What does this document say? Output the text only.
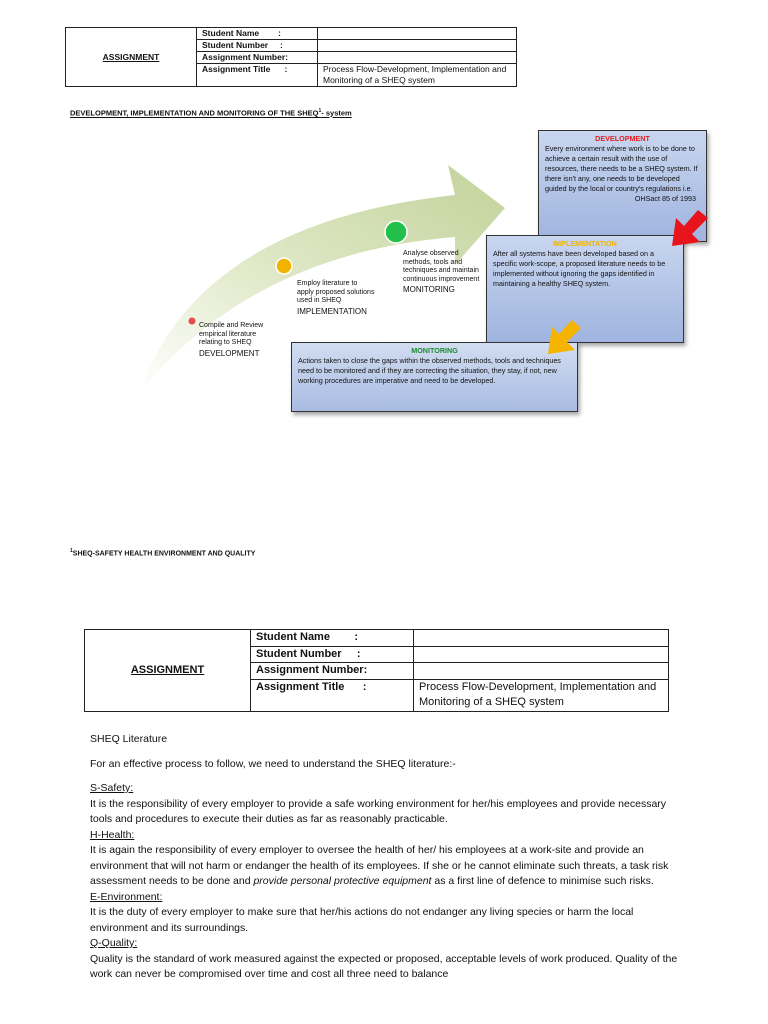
ASSIGNMENT	Student Name :	
	Student Number :	
	Assignment Number:	
	Assignment Title :	Process Flow-Development, Implementation and Monitoring of a SHEQ system
DEVELOPMENT, IMPLEMENTATION AND MONITORING OF THE SHEQ$^1$- system
Compile and Review empirical literature relating to SHEQ
DEVELOPMENT
Employ literature to apply proposed solutions used in SHEQ
IMPLEMENTATION
Analyse observed methods, tools and techniques and maintain continuous improvement
MONITORING
DEVELOPMENT
Every environment where work is to be done to achieve a certain result with the use of resources, there needs to be a SHEQ system. If there isn't any, one needs to be developed guided by the local or country's regulations i.e.
OHSact 85 of 1993
IMPLEMENTATION
After all systems have been developed based on a specific work-scope, a proposed literature needs to be implemented without ignoring the gaps identified in maintaining a healthy SHEQ system.
MONITORING
Actions taken to close the gaps within the observed methods, tools and techniques need to be monitored and if they are correcting the situation, they stay, if not, new working procedures are imperative and need to be developed.
$^1$SHEQ-SAFETY HEALTH ENVIRONMENT AND QUALITY
ASSIGNMENT	Student Name :	
	Student Number :	
	Assignment Number:	
	Assignment Title :	Process Flow-Development, Implementation and Monitoring of a SHEQ system

SHEQ Literature

For an effective process to follow, we need to understand the SHEQ literature:-

S-Safety:

It is the responsibility of every employer to provide a safe working environment for her/his employees and provide necessary tools and procedures to execute their duties as far as reasonably practicable.

H-Health:

It is again the responsibility of every employer to oversee the health of her/ his employees at a work-site and provide an environment that will not harm or endanger the health of its employees. If she or he cannot eliminate such threats, a task risk assessment needs to be done and provide personal protective equipment as a first line of defence to minimise such risks.

E-Environment:

It is the duty of every employer to make sure that her/his actions do not endanger any living species or harm the local environment and its surroundings.

Q-Quality:

Quality is the standard of work measured against the expected or proposed, acceptable levels of work produced. Quality of the work can never be compromised over time and cost all three need to balance
